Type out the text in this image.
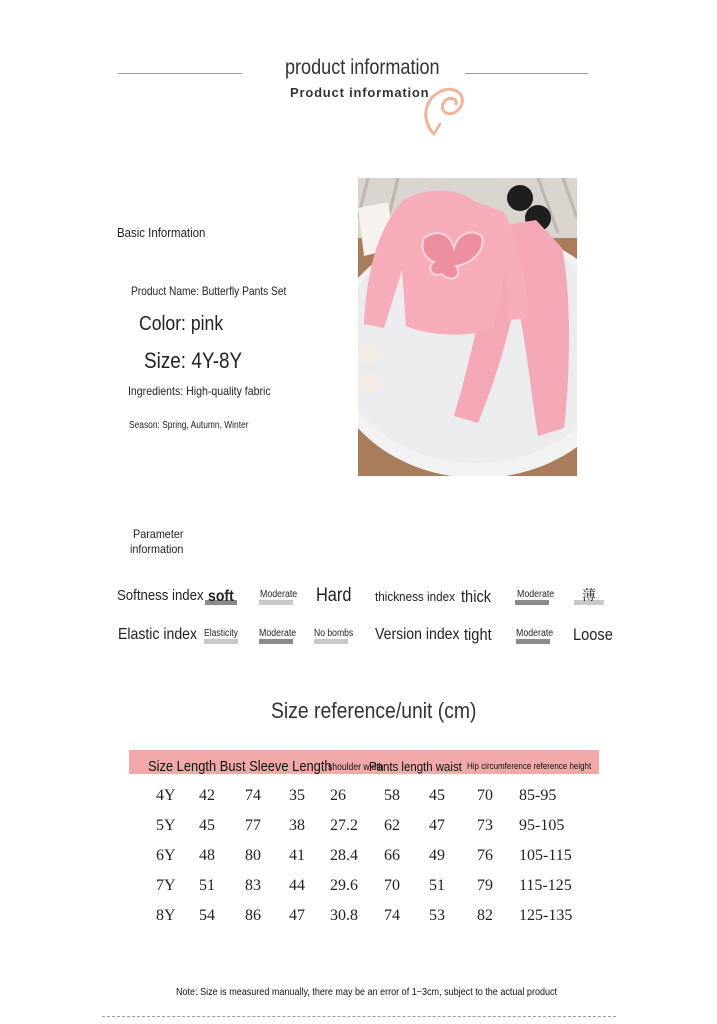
product information
Product information
Basic Information
Product Name: Butterfly Pants Set
Color: pink
Size: 4Y-8Y
Ingredients: High-quality fabric
Season: Spring, Autumn, Winter
Parameter
information
Softness index soft	Moderate Hard thickness index thick	Moderate 薄
Elastic index Elasticity Moderate No bombs Version index tight Moderate Loose
Size reference/unit (cm)
Size Length Bust Sleeve Length
shoulder width
Pants length waist Hip circumference reference height
4Y 42 74 35 26 58 45 70 85-95
5Y 45 77 38 27.2 62 47 73 95-105
6Y 48 80 41 28.4 66 49 76 105-115
7Y 51 83 44 29.6 70 51 79 115-125
8Y 54 86 47 30.8 74 53 82 125-135
Note: Size is measured manually, there may be an error of 1~3cm, subject to the actual product
